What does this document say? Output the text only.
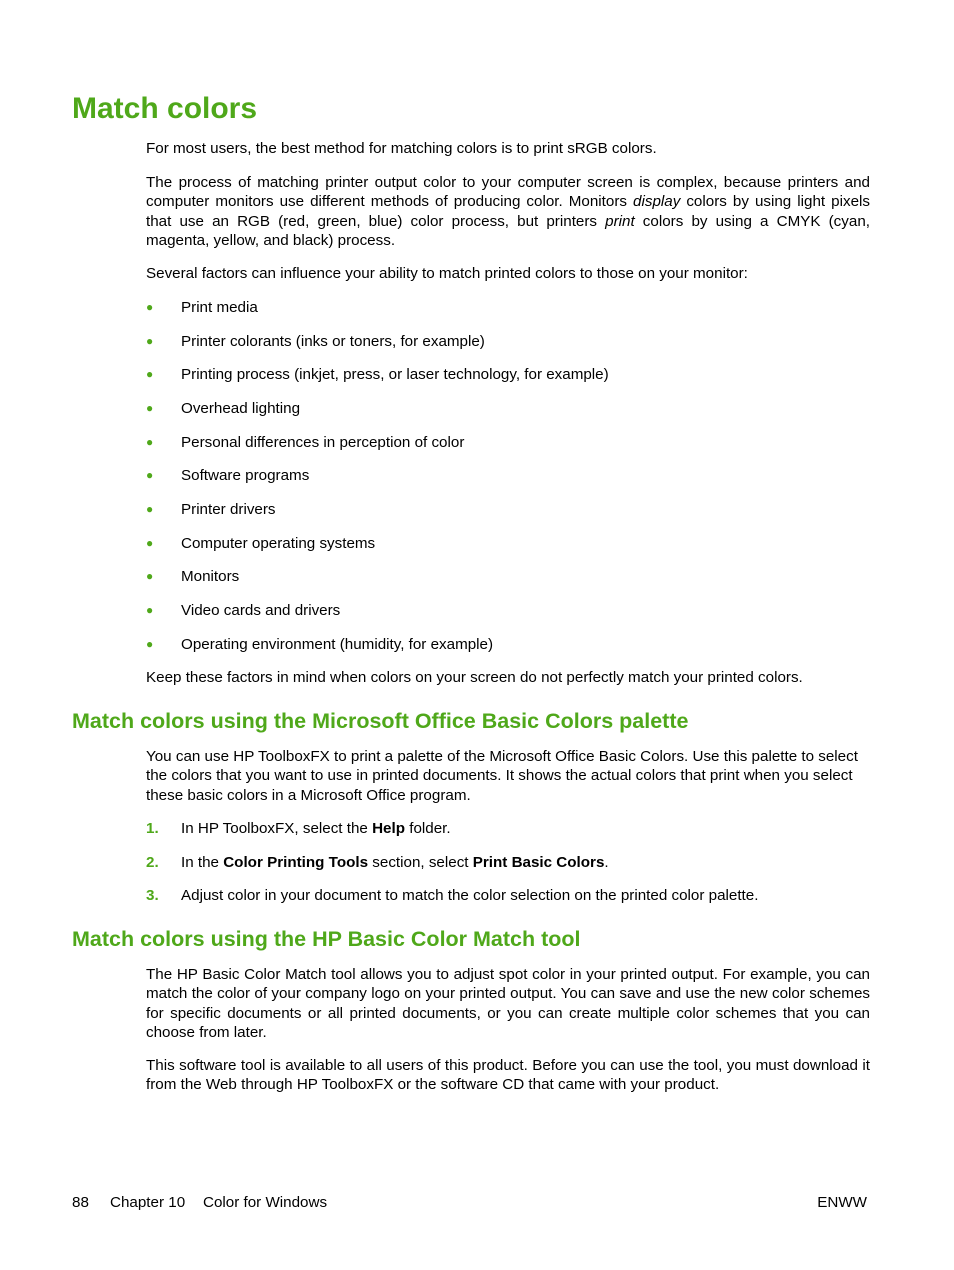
Match colors

For most users, the best method for matching colors is to print sRGB colors.

The process of matching printer output color to your computer screen is complex, because printers and computer monitors use different methods of producing color. Monitors display colors by using light pixels that use an RGB (red, green, blue) color process, but printers print colors by using a CMYK (cyan, magenta, yellow, and black) process.

Several factors can influence your ability to match printed colors to those on your monitor:

●	Print media
●	Printer colorants (inks or toners, for example)
●	Printing process (inkjet, press, or laser technology, for example)
●	Overhead lighting
●	Personal differences in perception of color
●	Software programs
●	Printer drivers
●	Computer operating systems
●	Monitors
●	Video cards and drivers
●	Operating environment (humidity, for example)

Keep these factors in mind when colors on your screen do not perfectly match your printed colors.

Match colors using the Microsoft Office Basic Colors palette

You can use HP ToolboxFX to print a palette of the Microsoft Office Basic Colors. Use this palette to select the colors that you want to use in printed documents. It shows the actual colors that print when you select these basic colors in a Microsoft Office program.

1. In HP ToolboxFX, select the Help folder.
2. In the Color Printing Tools section, select Print Basic Colors.
3. Adjust color in your document to match the color selection on the printed color palette.
Match colors using the HP Basic Color Match tool

The HP Basic Color Match tool allows you to adjust spot color in your printed output. For example, you can match the color of your company logo on your printed output. You can save and use the new color schemes for specific documents or all printed documents, or you can create multiple color schemes that you can choose from later.

This software tool is available to all users of this product. Before you can use the tool, you must download it from the Web through HP ToolboxFX or the software CD that came with your product.

88 Chapter 10 Color for Windows	ENWW
